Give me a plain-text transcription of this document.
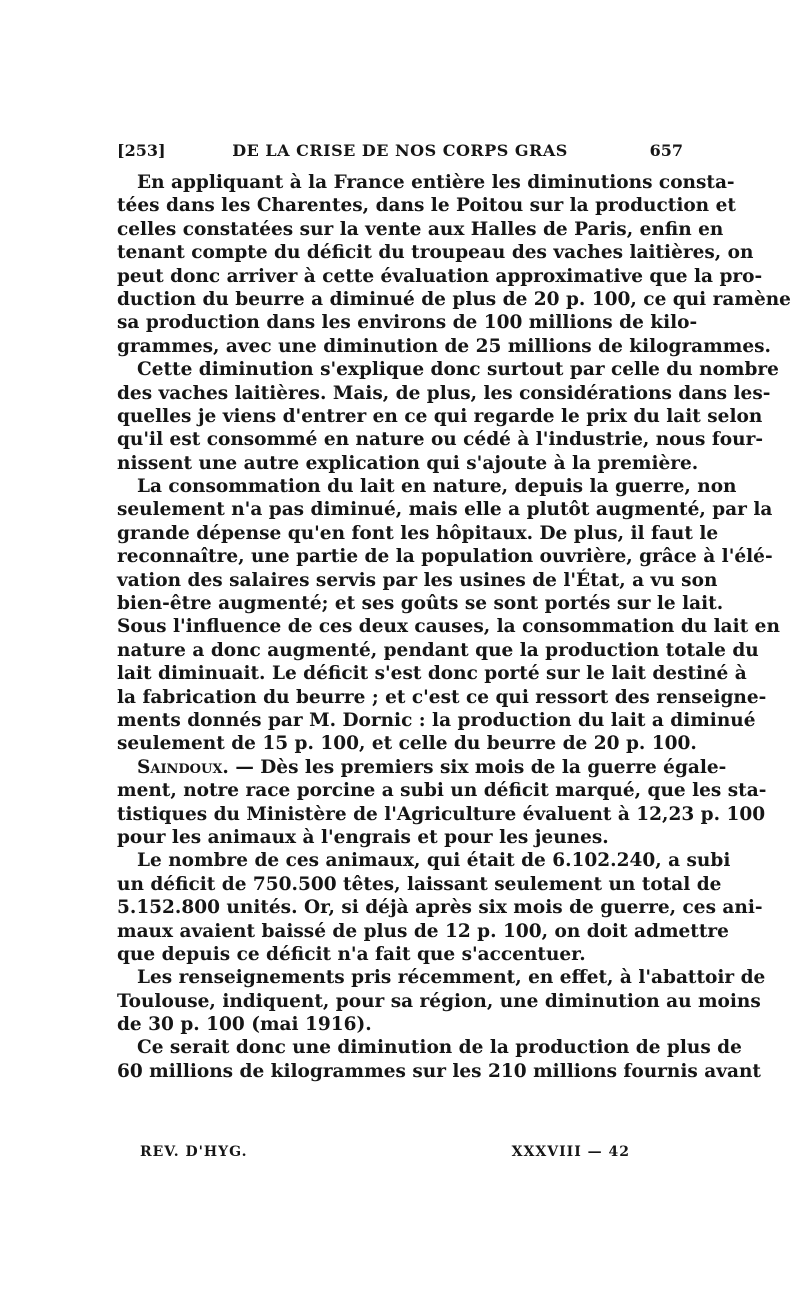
[253]	DE LA CRISE DE NOS CORPS GRAS	657
En appliquant à la France entière les diminutions consta-
tées dans les Charentes, dans le Poitou sur la production et
celles constatées sur la vente aux Halles de Paris, enfin en
tenant compte du déficit du troupeau des vaches laitières, on
peut donc arriver à cette évaluation approximative que la pro-
duction du beurre a diminué de plus de 20 p. 100, ce qui ramène
sa production dans les environs de 100 millions de kilo-
grammes, avec une diminution de 25 millions de kilogrammes.
Cette diminution s'explique donc surtout par celle du nombre
des vaches laitières. Mais, de plus, les considérations dans les-
quelles je viens d'entrer en ce qui regarde le prix du lait selon
qu'il est consommé en nature ou cédé à l'industrie, nous four-
nissent une autre explication qui s'ajoute à la première.
La consommation du lait en nature, depuis la guerre, non
seulement n'a pas diminué, mais elle a plutôt augmenté, par la
grande dépense qu'en font les hôpitaux. De plus, il faut le
reconnaître, une partie de la population ouvrière, grâce à l'élé-
vation des salaires servis par les usines de l'État, a vu son
bien-être augmenté; et ses goûts se sont portés sur le lait.
Sous l'influence de ces deux causes, la consommation du lait en
nature a donc augmenté, pendant que la production totale du
lait diminuait. Le déficit s'est donc porté sur le lait destiné à
la fabrication du beurre ; et c'est ce qui ressort des renseigne-
ments donnés par M. Dornic : la production du lait a diminué
seulement de 15 p. 100, et celle du beurre de 20 p. 100.
Saindoux. — Dès les premiers six mois de la guerre égale-
ment, notre race porcine a subi un déficit marqué, que les sta-
tistiques du Ministère de l'Agriculture évaluent à 12,23 p. 100
pour les animaux à l'engrais et pour les jeunes.
Le nombre de ces animaux, qui était de 6.102.240, a subi
un déficit de 750.500 têtes, laissant seulement un total de
5.152.800 unités. Or, si déjà après six mois de guerre, ces ani-
maux avaient baissé de plus de 12 p. 100, on doit admettre
que depuis ce déficit n'a fait que s'accentuer.
Les renseignements pris récemment, en effet, à l'abattoir de
Toulouse, indiquent, pour sa région, une diminution au moins
de 30 p. 100 (mai 1916).
Ce serait donc une diminution de la production de plus de
60 millions de kilogrammes sur les 210 millions fournis avant
REV. D'HYG.	XXXVIII — 42
